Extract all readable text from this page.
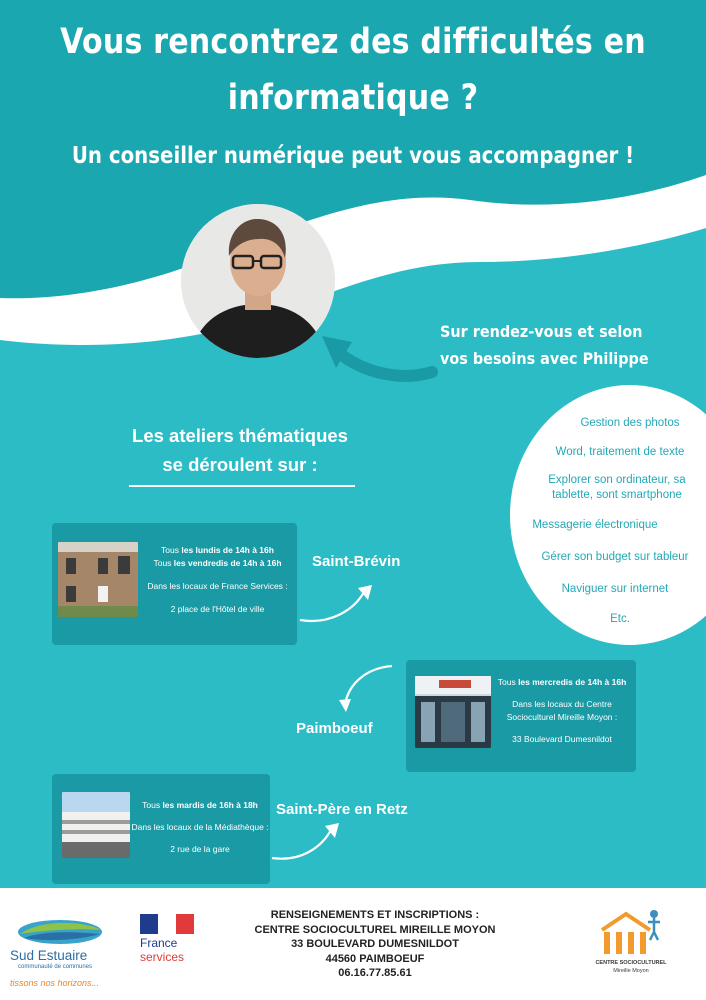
Vous rencontrez des difficultés en informatique ?
Un conseiller numérique peut vous accompagner !
Sur rendez-vous et selon
vos besoins avec Philippe
Les ateliers thématiques
se déroulent sur :
Gestion des photos
Word, traitement de texte
Explorer son ordinateur, sa tablette, sont smartphone
Messagerie électronique
Gérer son budget sur tableur
Naviguer sur internet
Etc.
Tous les lundis de 14h à 16h
Tous les vendredis de 14h à 16h
Dans les locaux de France Services :
2 place de l'Hôtel de ville
Saint-Brévin
Tous les mercredis de 14h à 16h
Dans les locaux du Centre
Socioculturel Mireille Moyon :
33 Boulevard Dumesnildot
Paimboeuf
Tous les mardis de 16h à 18h
Dans les locaux de la Médiathèque :
2 rue de la gare
Saint-Père en Retz
Sud Estuaire
communauté de communes
tissons nos horizons...
France
services
RENSEIGNEMENTS ET INSCRIPTIONS :
CENTRE SOCIOCULTUREL MIREILLE MOYON
33 BOULEVARD DUMESNILDOT
44560 PAIMBOEUF
06.16.77.85.61
CENTRE SOCIOCULTUREL
Mireille Moyon
